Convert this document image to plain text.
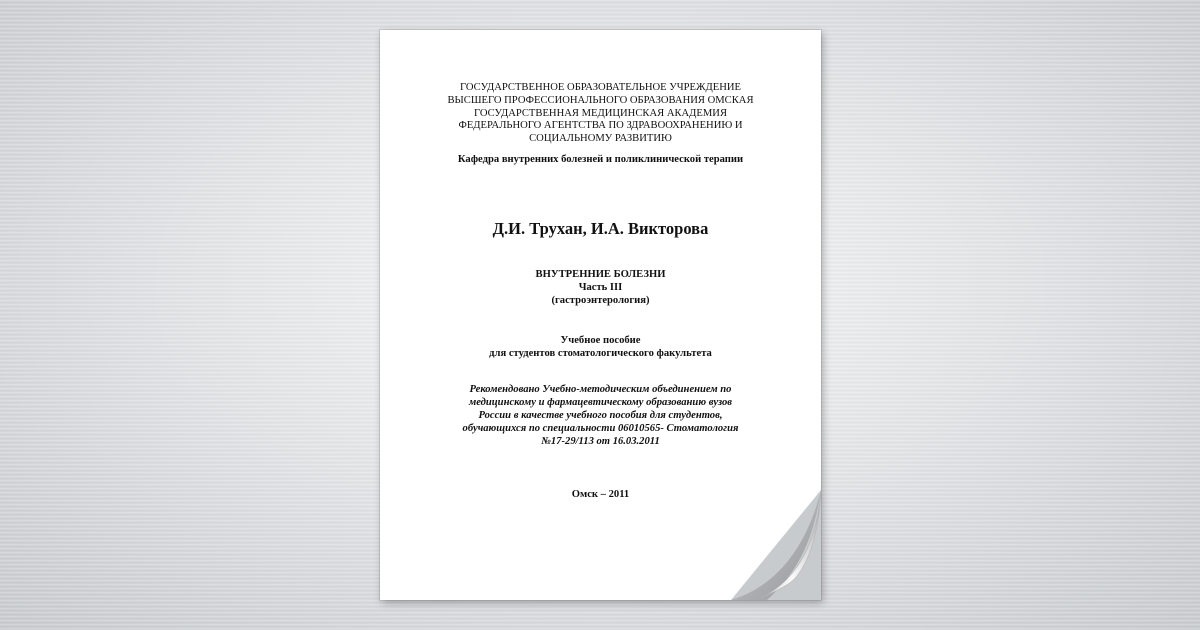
ГОСУДАРСТВЕННОЕ ОБРАЗОВАТЕЛЬНОЕ УЧРЕЖДЕНИЕ
ВЫСШЕГО ПРОФЕССИОНАЛЬНОГО ОБРАЗОВАНИЯ ОМСКАЯ
ГОСУДАРСТВЕННАЯ МЕДИЦИНСКАЯ АКАДЕМИЯ
ФЕДЕРАЛЬНОГО АГЕНТСТВА ПО ЗДРАВООХРАНЕНИЮ И
СОЦИАЛЬНОМУ РАЗВИТИЮ
Кафедра внутренних болезней и поликлинической терапии
Д.И. Трухан, И.А. Викторова
ВНУТРЕННИЕ БОЛЕЗНИ
Часть III
(гастроэнтерология)
Учебное пособие
для студентов стоматологического факультета
Рекомендовано Учебно-методическим объединением по
медицинскому и фармацевтическому образованию вузов
России в качестве учебного пособия для студентов,
обучающихся по специальности 06010565- Стоматология
№17-29/113 от 16.03.2011
Омск – 2011
